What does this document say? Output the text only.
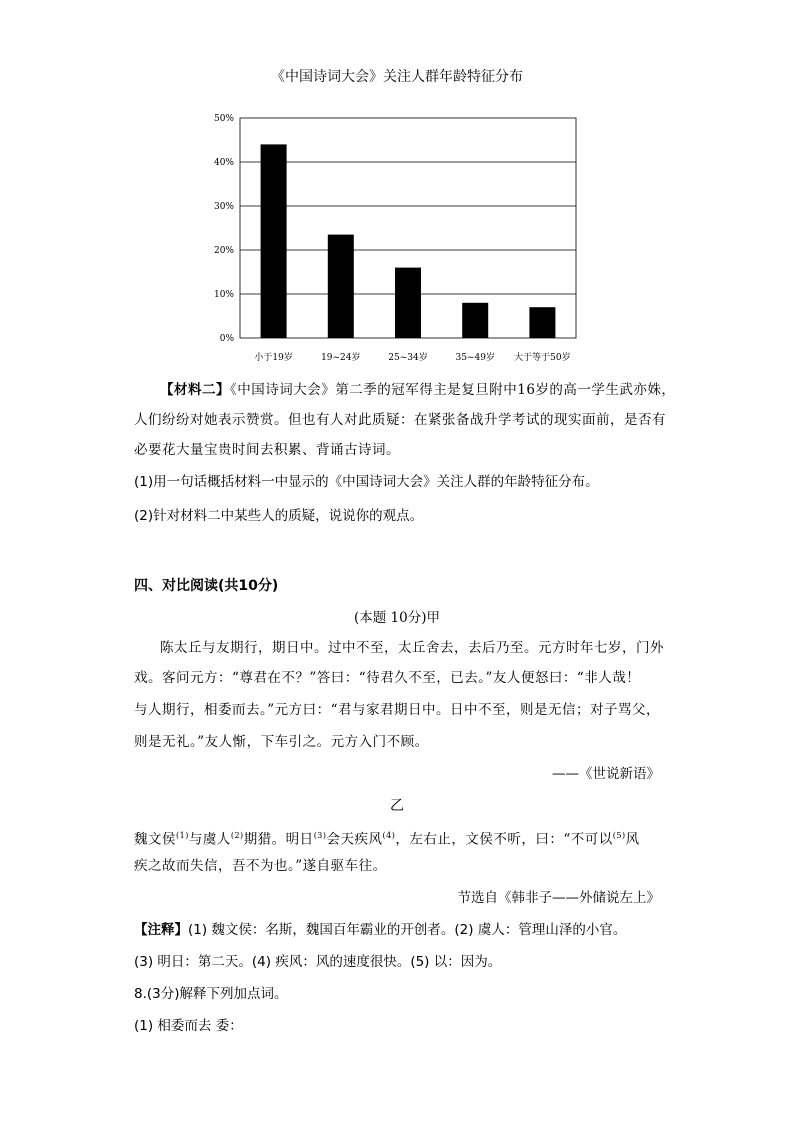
《中国诗词大会》关注人群年龄特征分布
0%
10%
20%
30%
40%
50%
小于19岁	19~24岁	25~34岁	35~49岁 大于等于50岁
【材料二】《中国诗词大会》第二季的冠军得主是复旦附中16岁的高一学生武亦姝，
人们纷纷对她表示赞赏。但也有人对此质疑：在紧张备战升学考试的现实面前，是否有
必要花大量宝贵时间去积累、背诵古诗词。
(1)用一句话概括材料一中显示的《中国诗词大会》关注人群的年龄特征分布。
(2)针对材料二中某些人的质疑，说说你的观点。
四、对比阅读(共10分)
(本题 10分)甲
陈太丘与友期行，期日中。过中不至，太丘舍去，去后乃至。元方时年七岁，门外
戏。客问元方：“尊君在不？”答曰：“待君久不至，已去。”友人便怒曰：“非人哉！
与人期行，相委而去。”元方曰：“君与家君期日中。日中不至，则是无信；对子骂父，
则是无礼。”友人惭，下车引之。元方入门不顾。
——《世说新语》
乙
魏文侯$^{(1)}$与虞人$^{(2)}$期猎。明日$^{(3)}$会天疾风$^{(4)}$，左右止，文侯不听，曰：“不可以$^{(5)}$风
疾之故而失信，吾不为也。”遂自驱车往。
节选自《韩非子——外储说左上》
【注释】(1) 魏文侯：名斯，魏国百年霸业的开创者。(2) 虞人：管理山泽的小官。
(3) 明日：第二天。(4) 疾风：风的速度很快。(5) 以：因为。
8.(3分)解释下列加点词。
(1) 相委而去 委：
